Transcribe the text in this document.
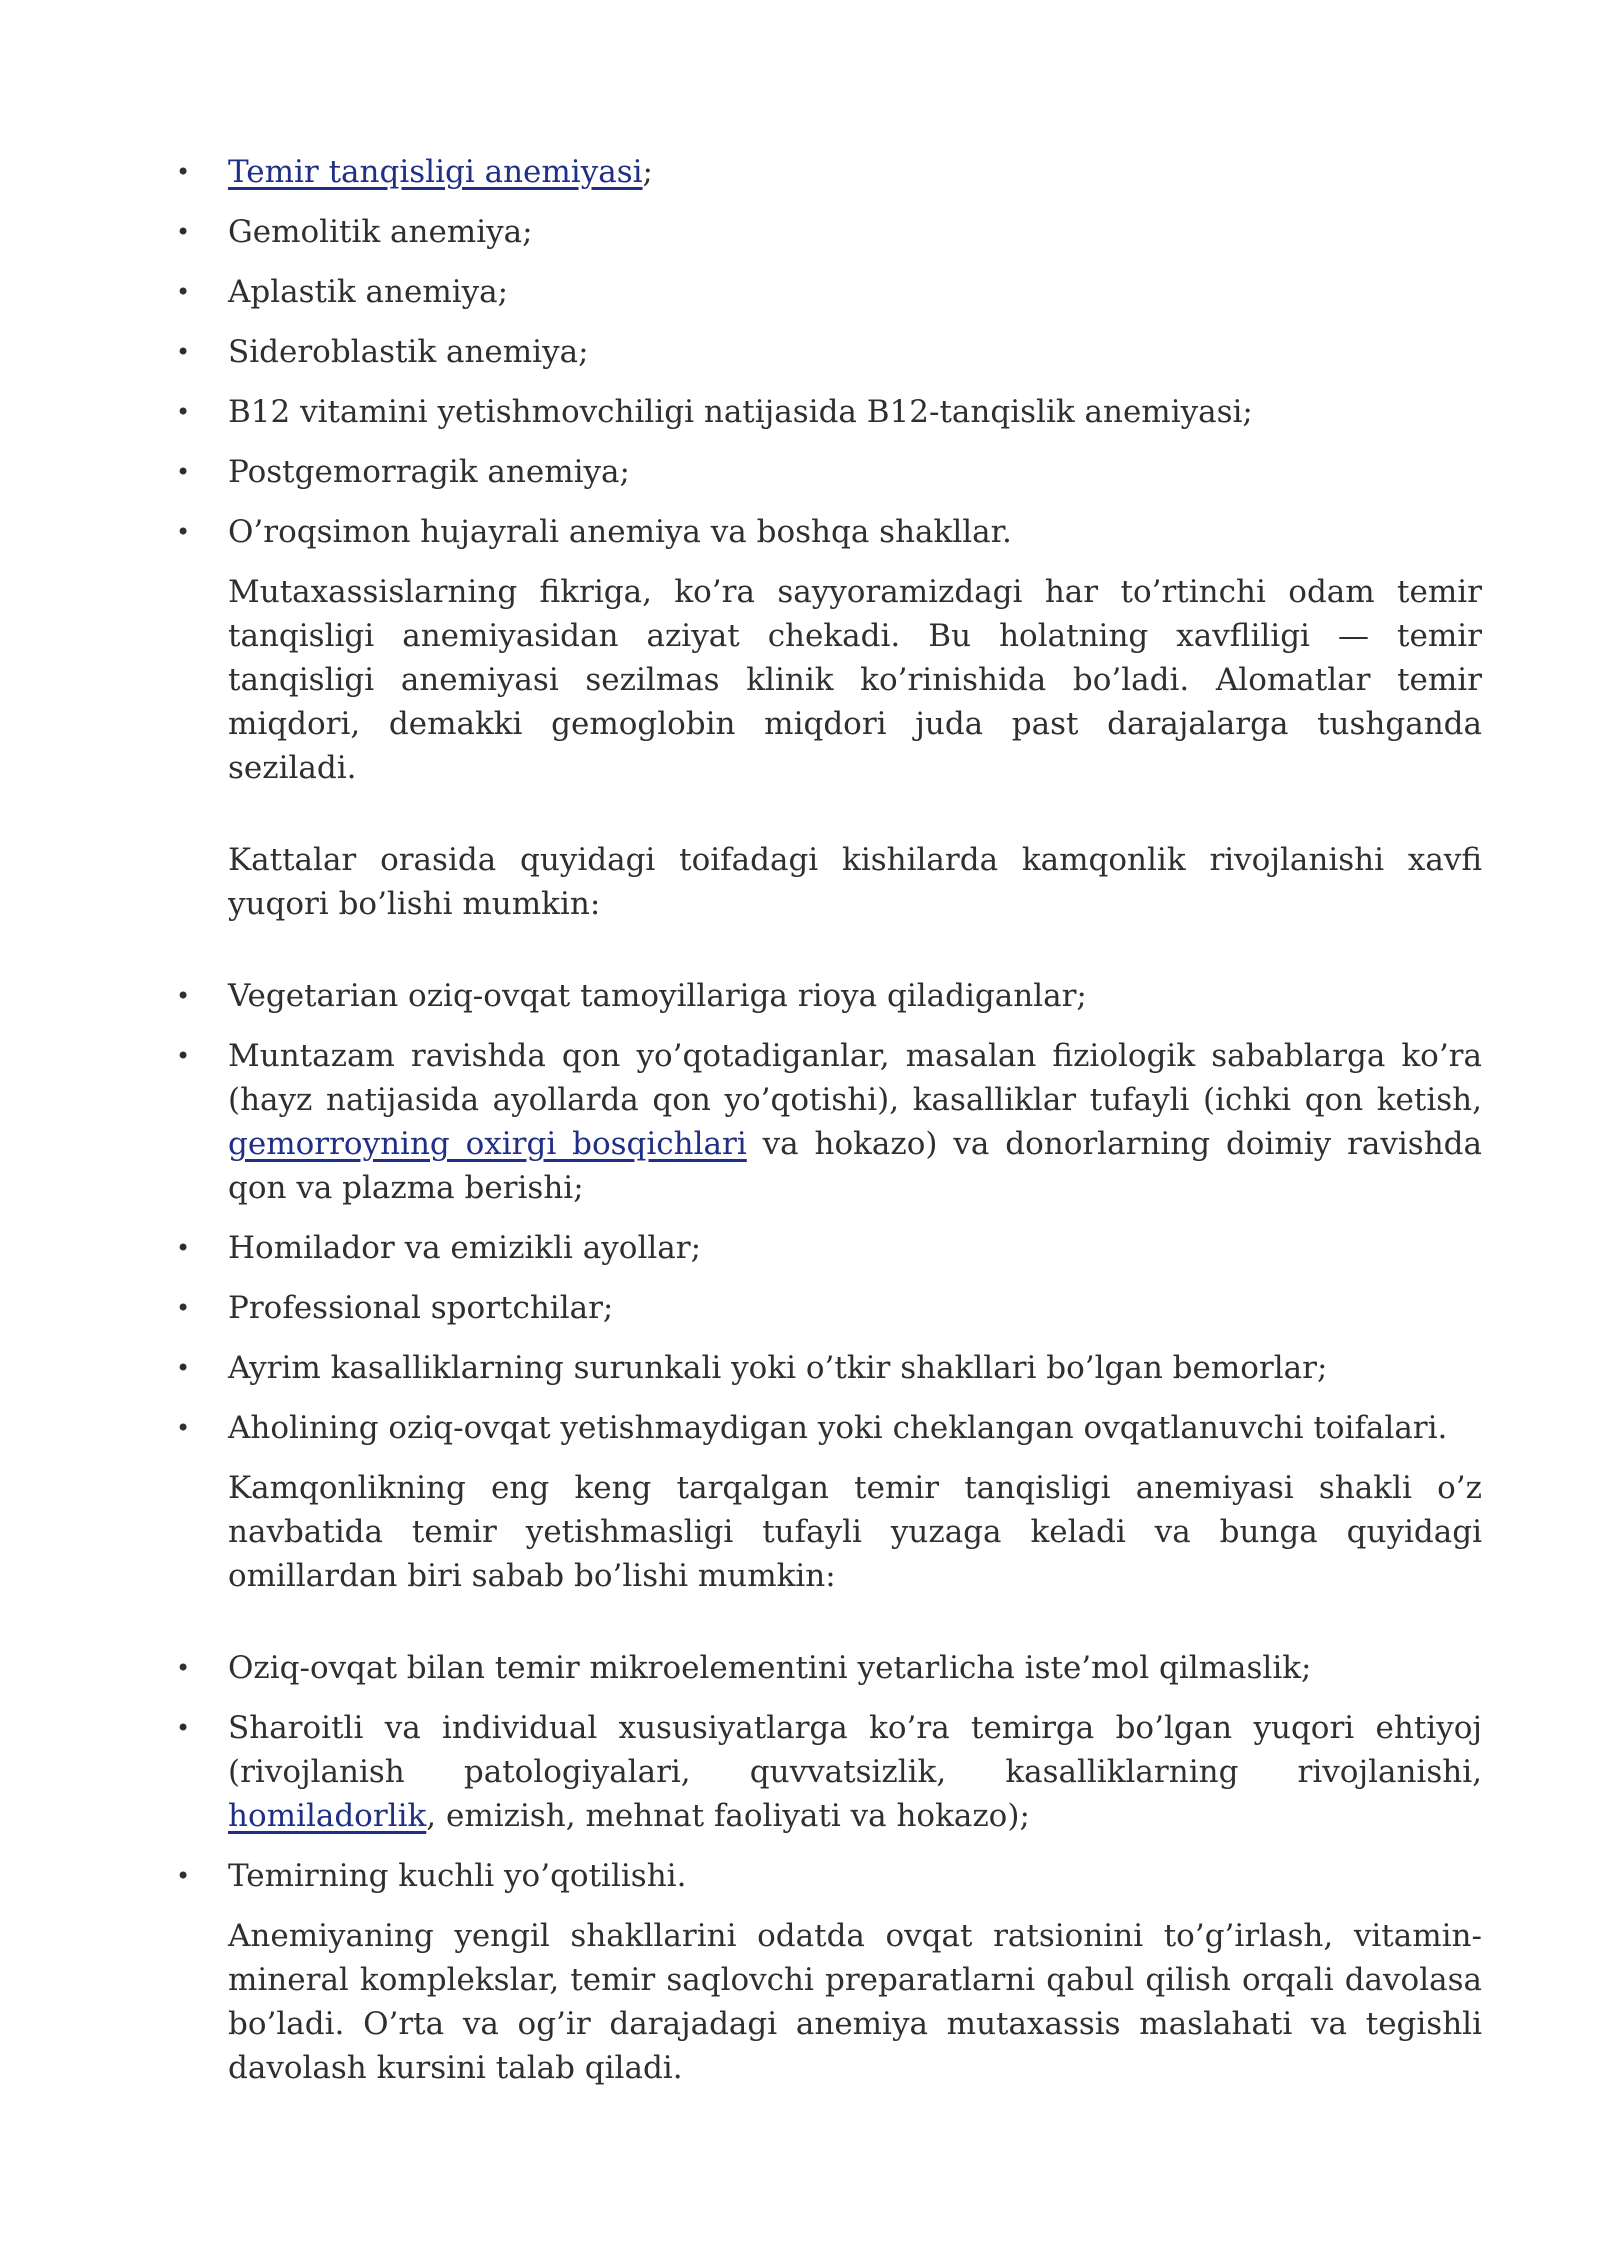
• Temir tanqisligi anemiyasi;
• Gemolitik anemiya;
• Aplastik anemiya;
• Sideroblastik anemiya;
• B12 vitamini yetishmovchiligi natijasida B12-tanqislik anemiyasi;
• Postgemorragik anemiya;
• O’roqsimon hujayrali anemiya va boshqa shakllar.

Mutaxassislarning fikriga, ko’ra sayyoramizdagi har to’rtinchi odam temir tanqisligi anemiyasidan aziyat chekadi. Bu holatning xavfliligi — temir tanqisligi anemiyasi sezilmas klinik ko’rinishida bo’ladi. Alomatlar temir miqdori, demakki gemoglobin miqdori juda past darajalarga tushganda seziladi.

Kattalar orasida quyidagi toifadagi kishilarda kamqonlik rivojlanishi xavfi yuqori bo’lishi mumkin:

• Vegetarian oziq-ovqat tamoyillariga rioya qiladiganlar;
• Muntazam ravishda qon yo’qotadiganlar, masalan fiziologik sabablarga ko’ra (hayz natijasida ayollarda qon yo’qotishi), kasalliklar tufayli (ichki qon ketish, gemorroyning oxirgi bosqichlari va hokazo) va donorlarning doimiy ravishda qon va plazma berishi;
• Homilador va emizikli ayollar;
• Professional sportchilar;
• Ayrim kasalliklarning surunkali yoki o’tkir shakllari bo’lgan bemorlar;
• Aholining oziq-ovqat yetishmaydigan yoki cheklangan ovqatlanuvchi toifalari.

Kamqonlikning eng keng tarqalgan temir tanqisligi anemiyasi shakli o’z navbatida temir yetishmasligi tufayli yuzaga keladi va bunga quyidagi omillardan biri sabab bo’lishi mumkin:

• Oziq-ovqat bilan temir mikroelementini yetarlicha iste’mol qilmaslik;
• Sharoitli va individual xususiyatlarga ko’ra temirga bo’lgan yuqori ehtiyoj (rivojlanish patologiyalari, quvvatsizlik, kasalliklarning rivojlanishi, homiladorlik, emizish, mehnat faoliyati va hokazo);
• Temirning kuchli yo’qotilishi.

Anemiyaning yengil shakllarini odatda ovqat ratsionini to’g’irlash, vitamin-mineral komplekslar, temir saqlovchi preparatlarni qabul qilish orqali davolasa bo’ladi. O’rta va og’ir darajadagi anemiya mutaxassis maslahati va tegishli davolash kursini talab qiladi.
